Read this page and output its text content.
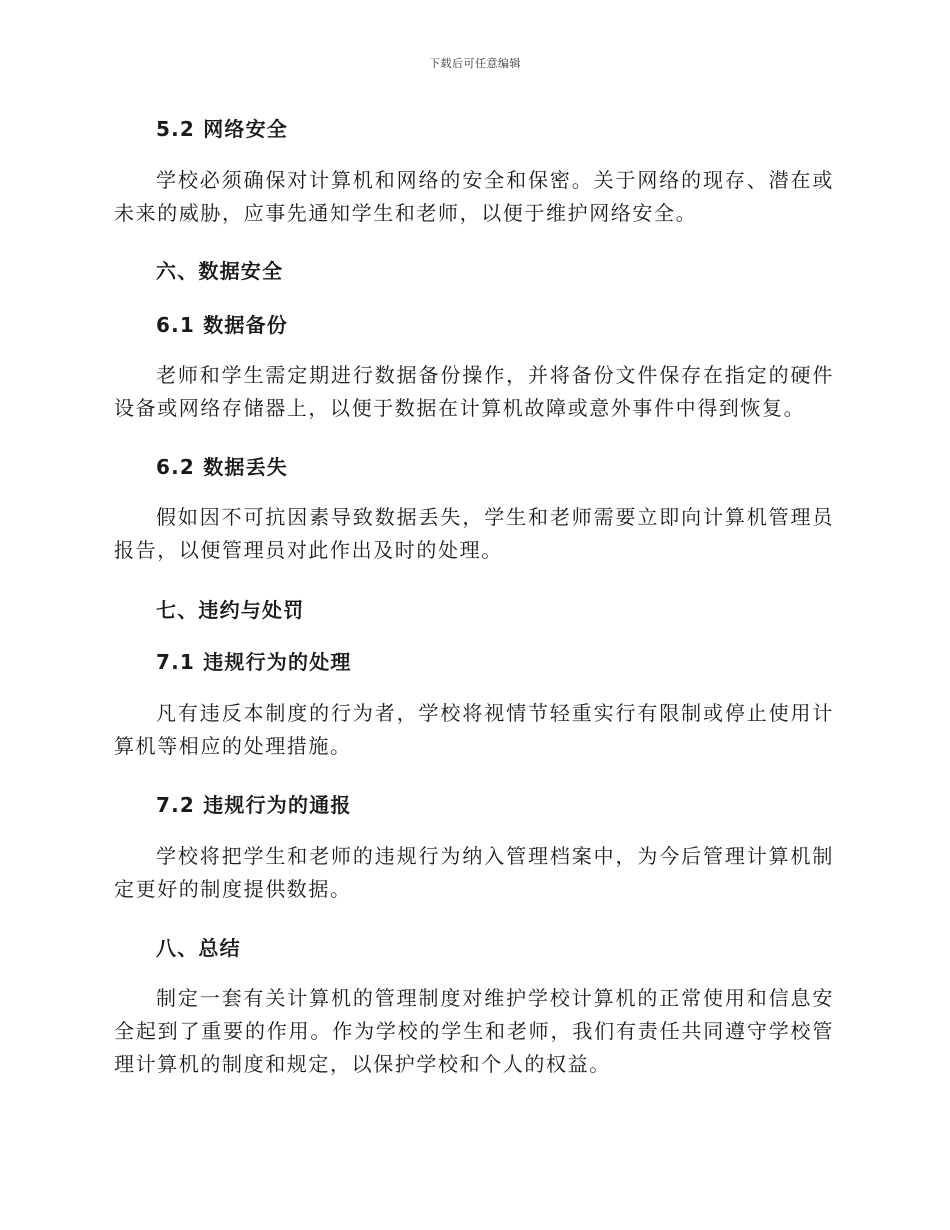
下载后可任意编辑
5.2 网络安全
学校必须确保对计算机和网络的安全和保密。关于网络的现存、潜在或未来的威胁，应事先通知学生和老师，以便于维护网络安全。
六、数据安全
6.1 数据备份
老师和学生需定期进行数据备份操作，并将备份文件保存在指定的硬件设备或网络存储器上，以便于数据在计算机故障或意外事件中得到恢复。
6.2 数据丢失
假如因不可抗因素导致数据丢失，学生和老师需要立即向计算机管理员报告，以便管理员对此作出及时的处理。
七、违约与处罚
7.1 违规行为的处理
凡有违反本制度的行为者，学校将视情节轻重实行有限制或停止使用计算机等相应的处理措施。
7.2 违规行为的通报
学校将把学生和老师的违规行为纳入管理档案中，为今后管理计算机制定更好的制度提供数据。
八、总结
制定一套有关计算机的管理制度对维护学校计算机的正常使用和信息安全起到了重要的作用。作为学校的学生和老师，我们有责任共同遵守学校管理计算机的制度和规定，以保护学校和个人的权益。
